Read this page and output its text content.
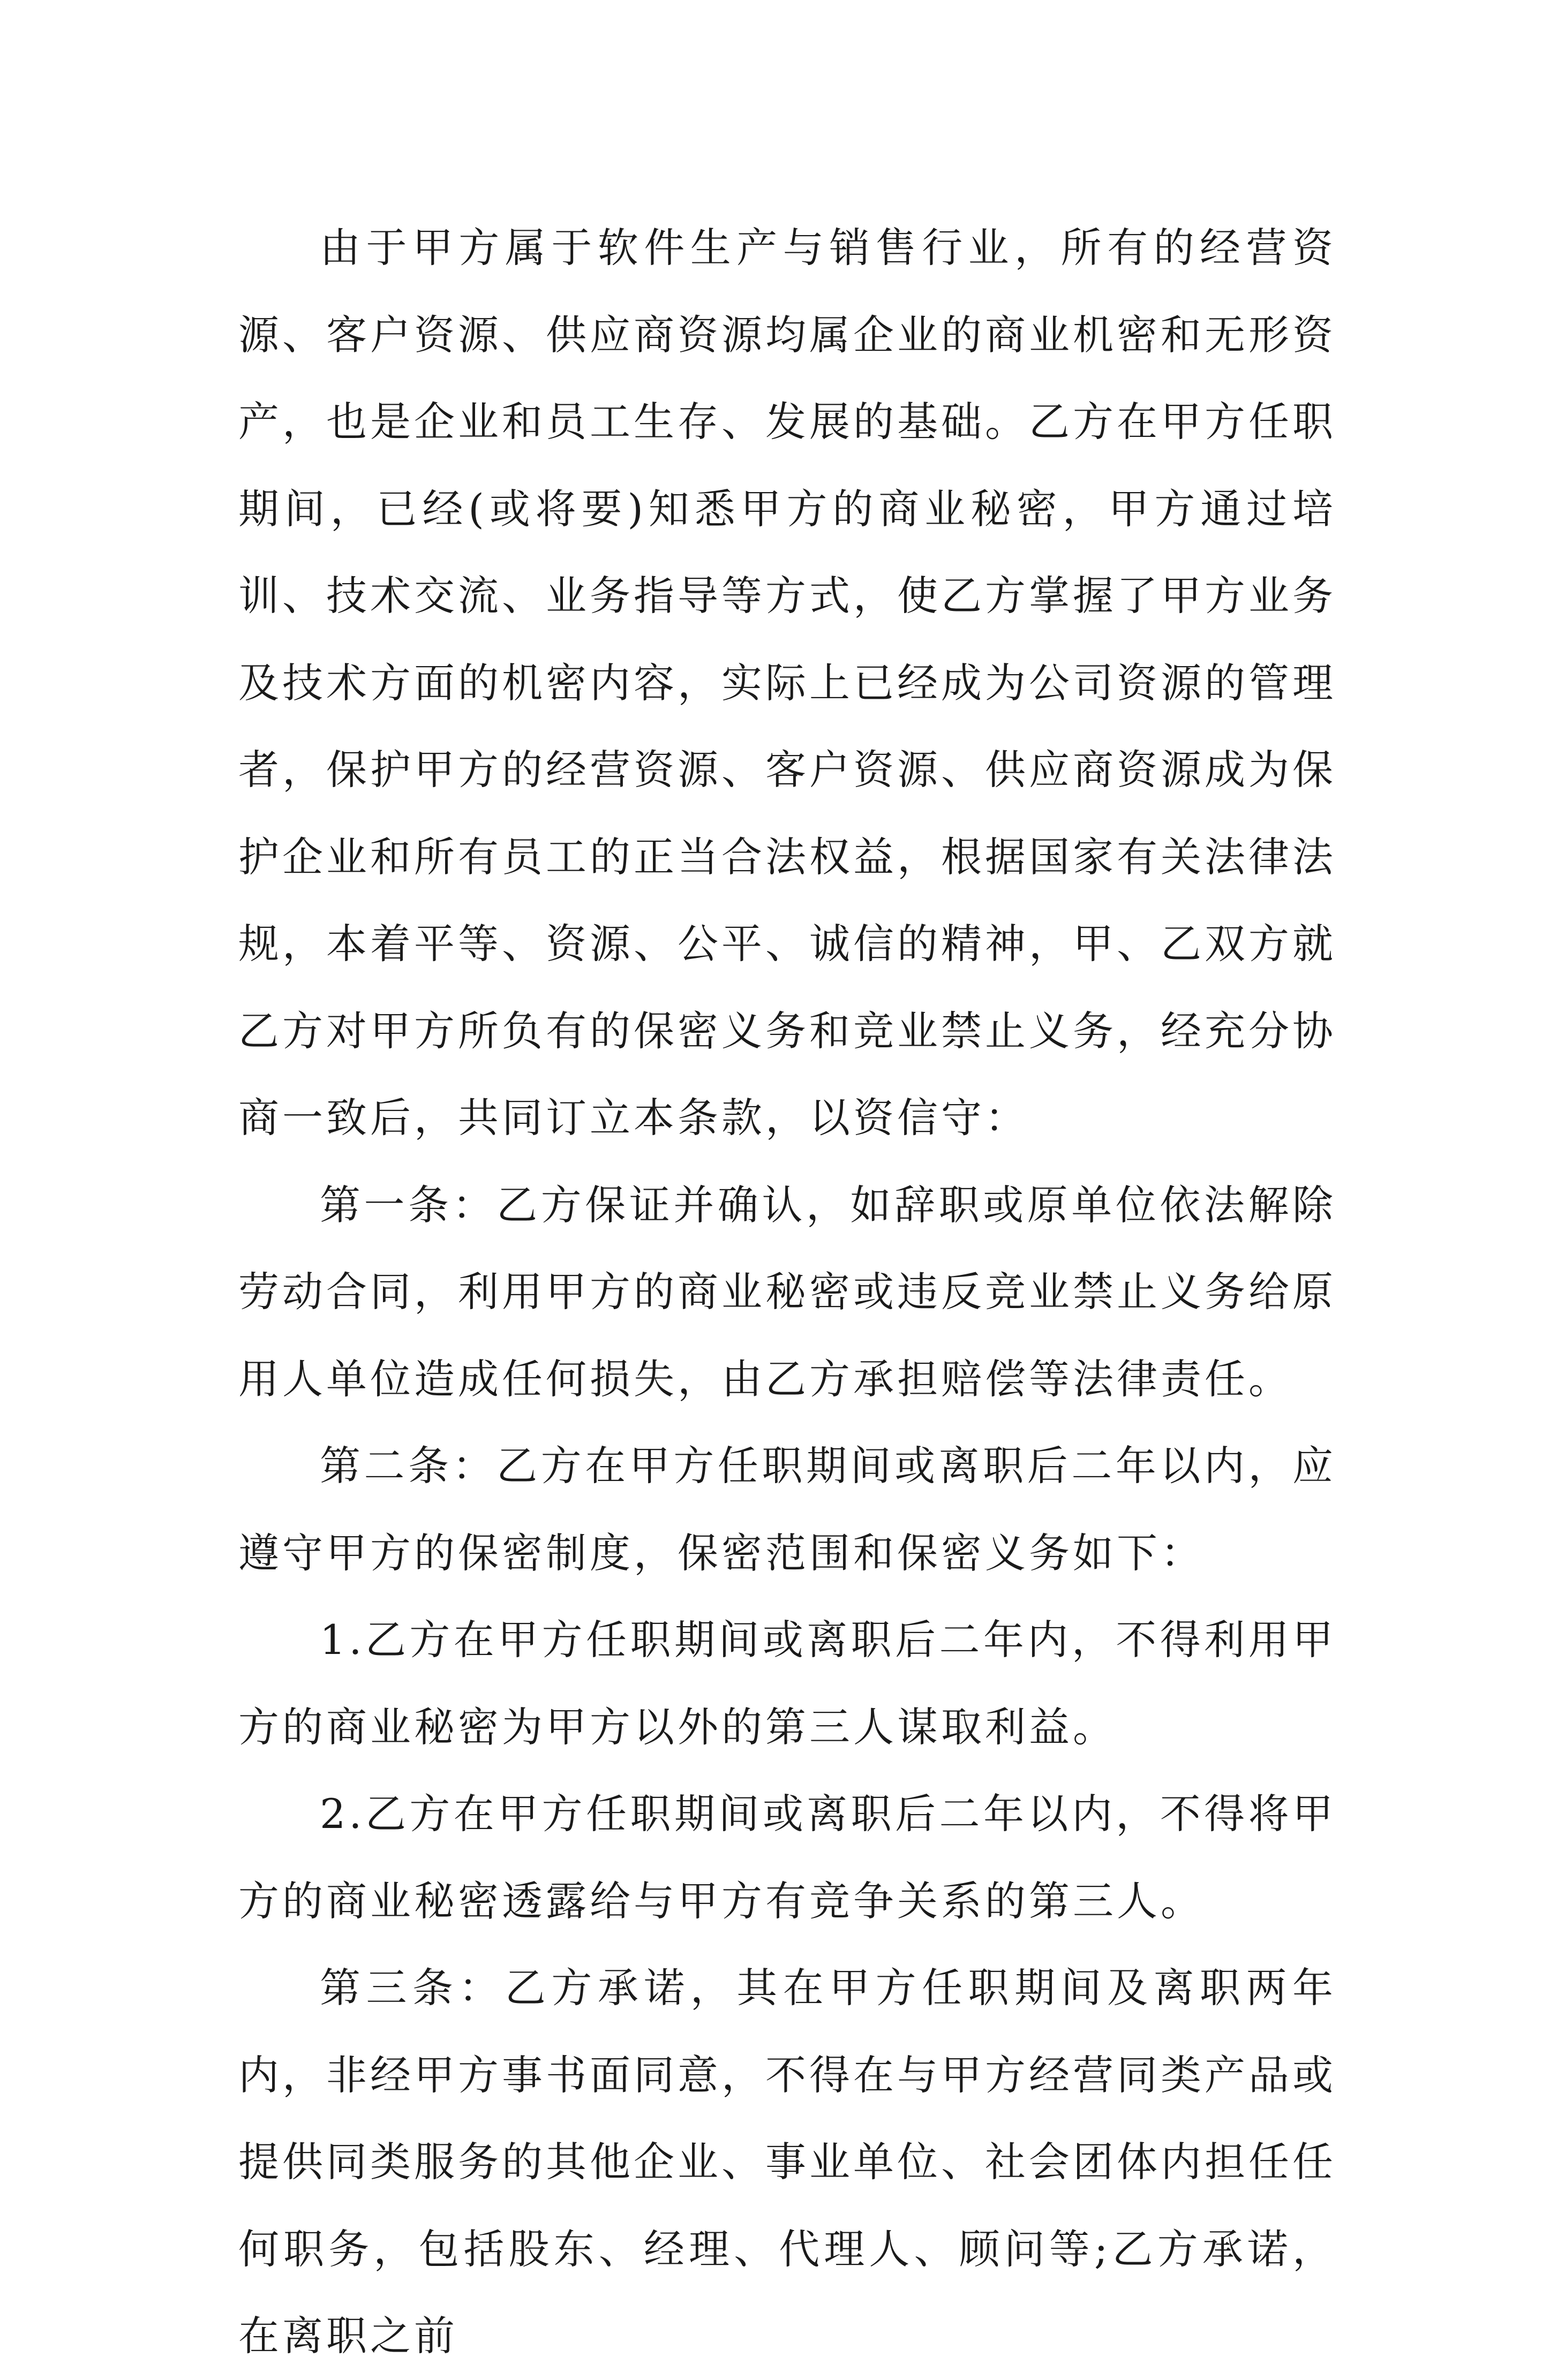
由于甲方属于软件生产与销售行业，所有的经营资源、客户资源、供应商资源均属企业的商业机密和无形资产，也是企业和员工生存、发展的基础。乙方在甲方任职期间，已经(或将要)知悉甲方的商业秘密，甲方通过培训、技术交流、业务指导等方式，使乙方掌握了甲方业务及技术方面的机密内容，实际上已经成为公司资源的管理者，保护甲方的经营资源、客户资源、供应商资源成为保护企业和所有员工的正当合法权益，根据国家有关法律法规，本着平等、资源、公平、诚信的精神，甲、乙双方就乙方对甲方所负有的保密义务和竞业禁止义务，经充分协商一致后，共同订立本条款，以资信守：

第一条：乙方保证并确认，如辞职或原单位依法解除劳动合同，利用甲方的商业秘密或违反竞业禁止义务给原用人单位造成任何损失，由乙方承担赔偿等法律责任。

第二条：乙方在甲方任职期间或离职后二年以内，应遵守甲方的保密制度，保密范围和保密义务如下：

1.乙方在甲方任职期间或离职后二年内，不得利用甲方的商业秘密为甲方以外的第三人谋取利益。

2.乙方在甲方任职期间或离职后二年以内，不得将甲方的商业秘密透露给与甲方有竞争关系的第三人。

第三条：乙方承诺，其在甲方任职期间及离职两年内，非经甲方事书面同意，不得在与甲方经营同类产品或提供同类服务的其他企业、事业单位、社会团体内担任任何职务，包括股东、经理、代理人、顾问等;乙方承诺，在离职之前
